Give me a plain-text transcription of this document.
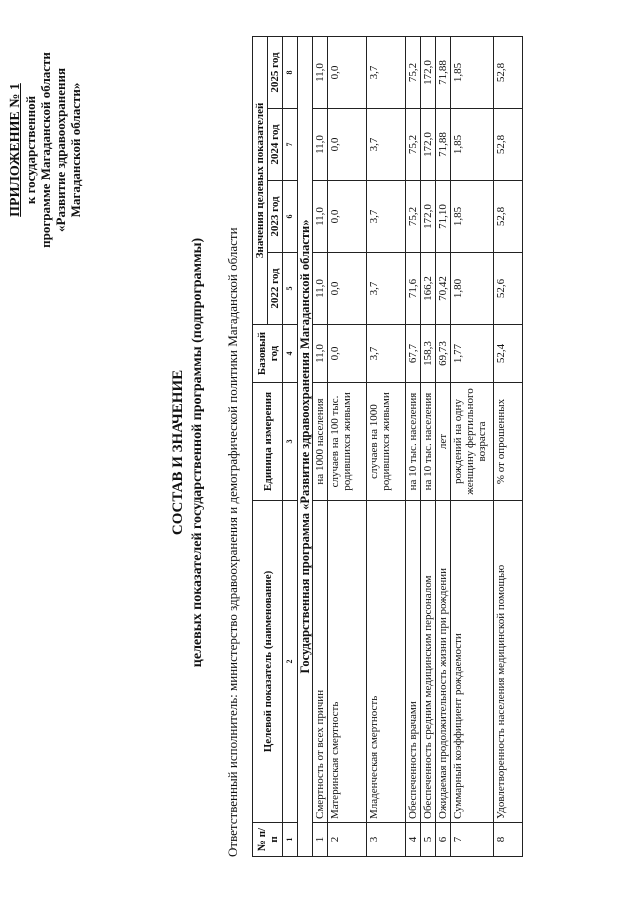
ПРИЛОЖЕНИЕ № 1 к государственной программе Магаданской области «Развитие здравоохранения Магаданской области»
СОСТАВ И ЗНАЧЕНИЕ целевых показателей государственной программы (подпрограммы) Ответственный исполнитель: министерство здравоохранения и демографической политики Магаданской области № п/п	Целевой показатель (наименование)	Единица измерения	Базовый год	Значения целевых показателей			
				2022 год	2023 год	2024 год	2025 год
1	2	3	4	5	6	7	8
Государственная программа «Развитие здравоохранения Магаданской области»							
1	Смертность от всех причин	на 1000 населения	11,0	11,0	11,0	11,0	11,0
2	Материнская смертность	случаев на 100 тыс. родившихся живыми	0,0	0,0	0,0	0,0	0,0
3	Младенческая смертность	случаев на 1000 родившихся живыми	3,7	3,7	3,7	3,7	3,7
4	Обеспеченность врачами	на 10 тыс. населения	67,7	71,6	75,2	75,2	75,2
5	Обеспеченность средним медицинским персоналом	на 10 тыс. населения	158,3	166,2	172,0	172,0	172,0
6	Ожидаемая продолжительность жизни при рождении	лет	69,73	70,42	71,10	71,88	71,88
7	Суммарный коэффициент рождаемости	рождений на одну женщину фертильного возраста	1,77	1,80	1,85	1,85	1,85
8	Удовлетворенность населения медицинской помощью	% от опрошенных	52,4	52,6	52,8	52,8	52,8
